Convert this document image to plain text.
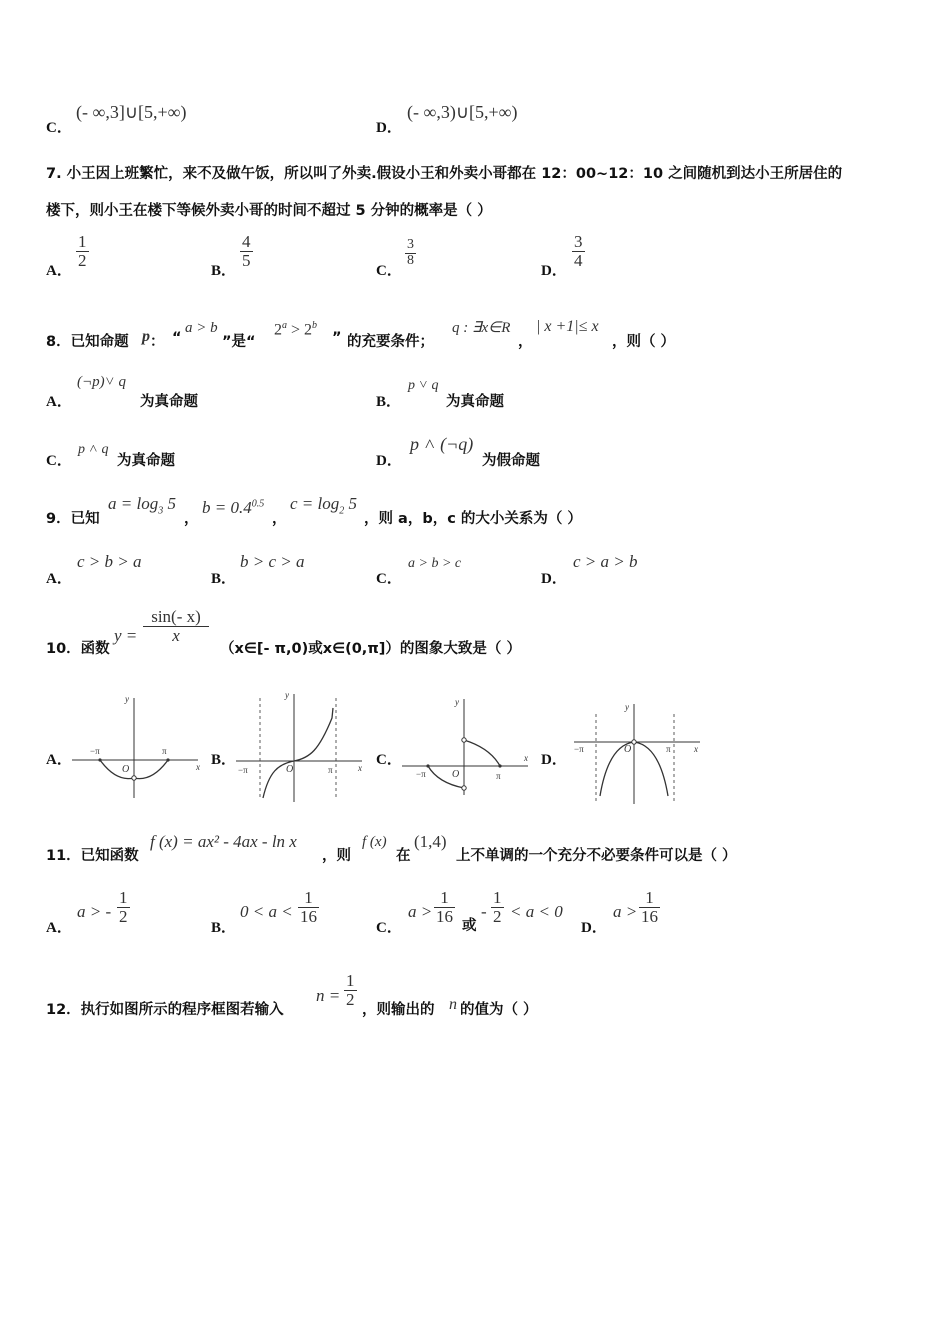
C．
(- ∞,3]∪[5,+∞)
D．
(- ∞,3)∪[5,+∞)
7. 小王因上班繁忙，来不及做午饭，所以叫了外卖.假设小王和外卖小哥都在 12：00~12：10 之间随机到达小王所居住的
楼下，则小王在楼下等候外卖小哥的时间不超过 5 分钟的概率是（ ）
A．
$\frac{1}{2}$
B．
$\frac{4}{5}$
C．
$\frac{3}{8}$
D．
$\frac{3}{4}$
8．已知命题 p ： “
a > b
”是“
$2^a > 2^b$
” 的充要条件；
q : ∃x∈R
，
| x +1|≤ x
，则（ ）
A．
(¬p)˅ q
为真命题	B．
p ˅ q
为真命题
C．
p ˄ q
为真命题	D．
p ˄ (¬q)
为假命题
9．已知
$a = \log_3 5$
，
$b = 0.4^{0.5}$
，
$c = \log_2 5$
，则 a，b，c 的大小关系为（ ）
A．
c > b > a
B．
b > c > a
C．
a > b > c
D．
c > a > b
10．函数
$y = \frac{\sin(- x)}{x}$
（x∈[- π,0)或x∈(0,π]）的图象大致是（ ）
A．
y
x
O
−π	π
B．
y
x
O
−π	π
C．
y
x
O
−π	π
D．
y
x
O
−π	π
11．已知函数
f (x) = ax² - 4ax - ln x
，则
f (x)
在
(1,4)
上不单调的一个充分不必要条件可以是（ ）
A．
a > - $\frac{1}{2}$
B．
$0 < a < \frac{1}{16}$
C．
$a > \frac{1}{16}$
或
- $\frac{1}{2} < a < 0$
D．
$a > \frac{1}{16}$
12．执行如图所示的程序框图若输入
$n = \frac{1}{2}$
，则输出的 n 的值为（ ）
